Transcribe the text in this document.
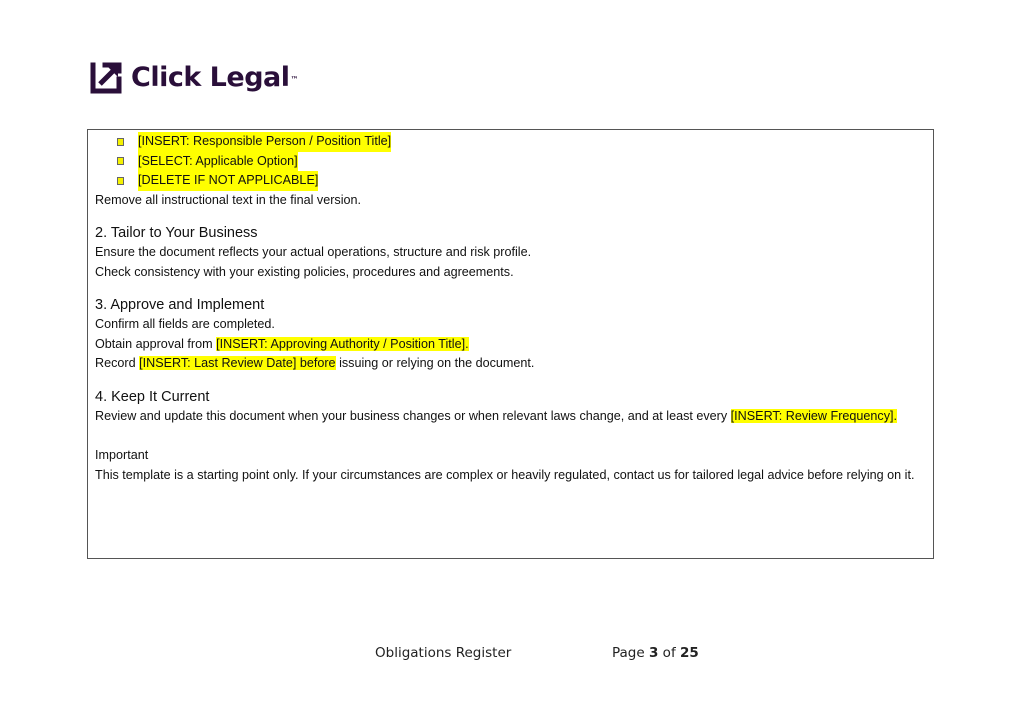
Click Legal™
[INSERT: Responsible Person / Position Title]
[SELECT: Applicable Option]
[DELETE IF NOT APPLICABLE]

Remove all instructional text in the final version.

2. Tailor to Your Business

Ensure the document reflects your actual operations, structure and risk profile.

Check consistency with your existing policies, procedures and agreements.

3. Approve and Implement

Confirm all fields are completed.

Obtain approval from [INSERT: Approving Authority / Position Title].

Record [INSERT: Last Review Date] before issuing or relying on the document.

4. Keep It Current

Review and update this document when your business changes or when relevant laws change, and at least every [INSERT: Review Frequency].

Important

This template is a starting point only. If your circumstances are complex or heavily regulated, contact us for tailored legal advice before relying on it.

Obligations Register	Page 3 of 25
